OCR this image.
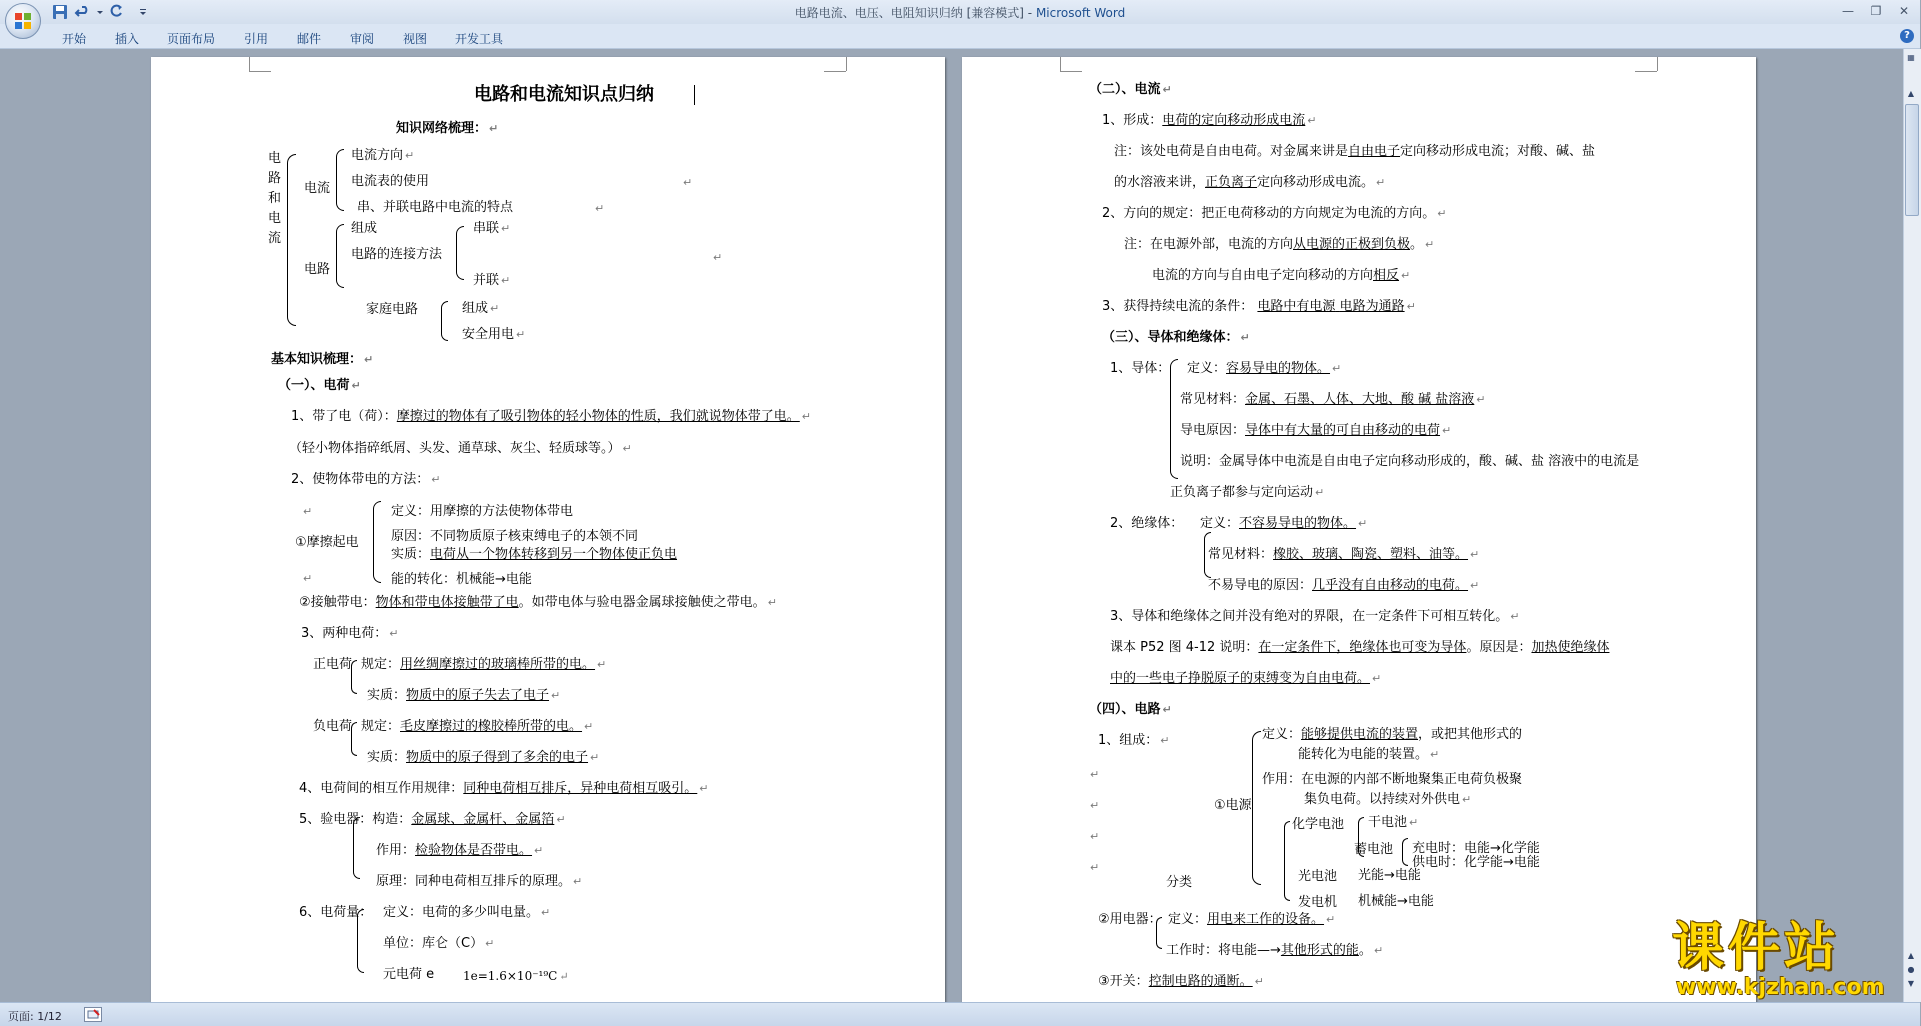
电路电流、电压、电阻知识归纳 [兼容模式] - Microsoft Word	—	❐	✕
开始 插入 页面布局 引用 邮件 审阅 视图 开发工具	?
电路和电流知识点归纳
知识网络梳理： ↵
电
路
和
电
流
电流
电流方向 ↵
电流表的使用	↵
串、并联电路中电流的特点	↵
电路
组成
电路的连接方法
串联 ↵
↵
并联 ↵
家庭电路	组成 ↵
安全用电 ↵
基本知识梳理： ↵
（一）、电荷 ↵
1、带了电（荷）：摩擦过的物体有了吸引物体的轻小物体的性质，我们就说物体带了电。 ↵
（轻小物体指碎纸屑、头发、通草球、灰尘、轻质球等。） ↵
2、使物体带电的方法： ↵
↵
①摩擦起电
定义：用摩擦的方法使物体带电
原因：不同物质原子核束缚电子的本领不同
实质：电荷从一个物体转移到另一个物体使正负电
能的转化：机械能→电能
↵
②接触带电：物体和带电体接触带了电。如带电体与验电器金属球接触使之带电。 ↵
3、两种电荷： ↵
正电荷 规定：用丝绸摩擦过的玻璃棒所带的电。 ↵
实质：物质中的原子失去了电子 ↵
负电荷 规定：毛皮摩擦过的橡胶棒所带的电。 ↵
实质：物质中的原子得到了多余的电子 ↵
4、电荷间的相互作用规律：同种电荷相互排斥，异种电荷相互吸引。 ↵
5、验电器：构造：金属球、金属杆、金属箔 ↵
作用：检验物体是否带电。 ↵
原理：同种电荷相互排斥的原理。 ↵
6、电荷量： 定义：电荷的多少叫电量。 ↵
单位：库仑（C） ↵
元电荷 e 1e=1.6×10⁻¹⁹C ↵
（二）、电流 ↵
1、形成：电荷的定向移动形成电流 ↵
注：该处电荷是自由电荷。对金属来讲是自由电子定向移动形成电流；对酸、碱、盐
的水溶液来讲，正负离子定向移动形成电流。 ↵
2、方向的规定：把正电荷移动的方向规定为电流的方向。 ↵
注：在电源外部，电流的方向从电源的正极到负极。 ↵
电流的方向与自由电子定向移动的方向相反 ↵
3、获得持续电流的条件： 电路中有电源 电路为通路 ↵
（三）、导体和绝缘体： ↵
1、导体： 定义：容易导电的物体。 ↵
常见材料：金属、石墨、人体、大地、酸 碱 盐溶液 ↵
导电原因：导体中有大量的可自由移动的电荷 ↵
说明：金属导体中电流是自由电子定向移动形成的，酸、碱、盐 溶液中的电流是
正负离子都参与定向运动 ↵
2、绝缘体： 定义：不容易导电的物体。 ↵
常见材料：橡胶、玻璃、陶瓷、塑料、油等。 ↵
不易导电的原因：几乎没有自由移动的电荷。 ↵
3、导体和绝缘体之间并没有绝对的界限，在一定条件下可相互转化。 ↵
课本 P52 图 4-12 说明：在一定条件下，绝缘体也可变为导体。原因是：加热使绝缘体
中的一些电子挣脱原子的束缚变为自由电荷。 ↵
（四）、电路 ↵
1、组成： ↵
↵
↵
↵
↵
定义：能够提供电流的装置，或把其他形式的
能转化为电能的装置。 ↵
作用：在电源的内部不断地聚集正电荷负极聚
集负电荷。以持续对外供电 ↵
①电源
化学电池 干电池 ↵
蓄电池 充电时：电能→化学能
供电时：化学能→电能
光电池 光能→电能
发电机 机械能→电能
分类
②用电器： 定义：用电来工作的设备。 ↵
工作时：将电能—→其他形式的能。 ↵
③开关：控制电路的通断。 ↵
▦
▲
▲
●
▼
页面: 1/12
课件站
www.kjzhan.com
